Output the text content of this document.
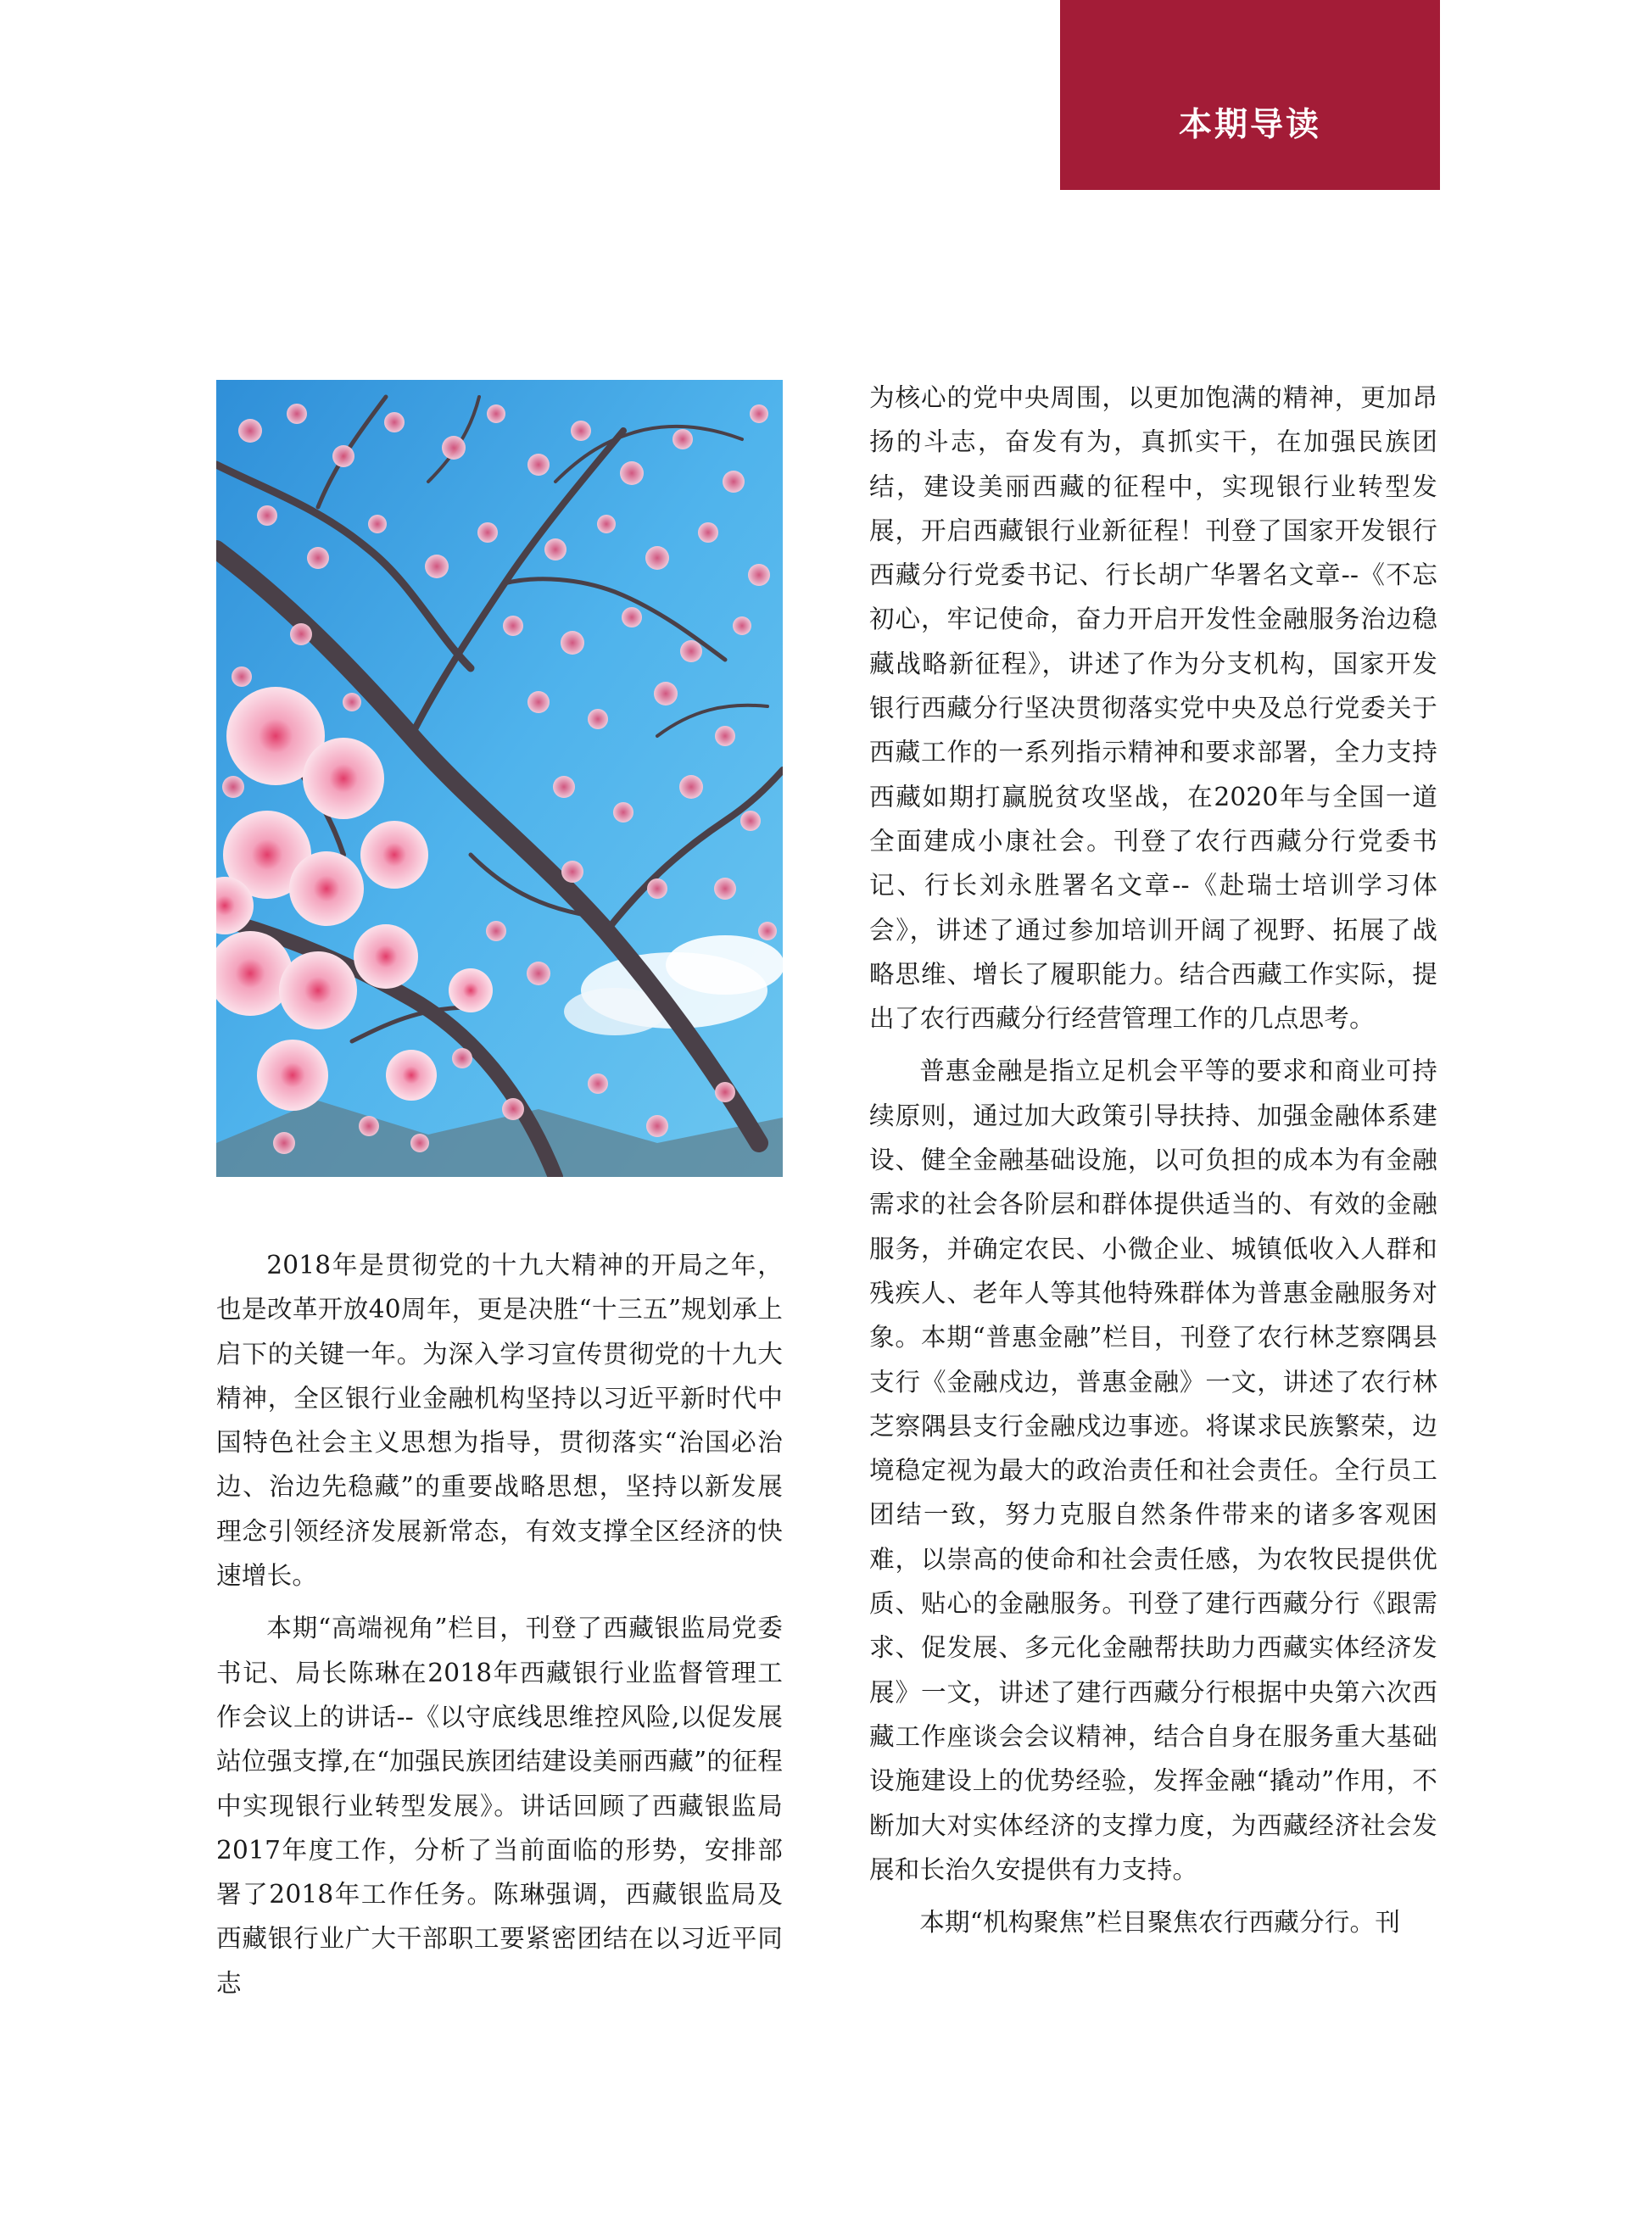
本期导读

2018年是贯彻党的十九大精神的开局之年，也是改革开放40周年，更是决胜“十三五”规划承上启下的关键一年。为深入学习宣传贯彻党的十九大精神，全区银行业金融机构坚持以习近平新时代中国特色社会主义思想为指导，贯彻落实“治国必治边、治边先稳藏”的重要战略思想，坚持以新发展理念引领经济发展新常态，有效支撑全区经济的快速增长。

本期“高端视角”栏目，刊登了西藏银监局党委书记、局长陈琳在2018年西藏银行业监督管理工作会议上的讲话--《以守底线思维控风险,以促发展站位强支撑,在“加强民族团结建设美丽西藏”的征程中实现银行业转型发展》。讲话回顾了西藏银监局2017年度工作，分析了当前面临的形势，安排部署了2018年工作任务。陈琳强调，西藏银监局及西藏银行业广大干部职工要紧密团结在以习近平同志

为核心的党中央周围，以更加饱满的精神，更加昂扬的斗志，奋发有为，真抓实干，在加强民族团结，建设美丽西藏的征程中，实现银行业转型发展，开启西藏银行业新征程！刊登了国家开发银行西藏分行党委书记、行长胡广华署名文章--《不忘初心，牢记使命，奋力开启开发性金融服务治边稳藏战略新征程》，讲述了作为分支机构，国家开发银行西藏分行坚决贯彻落实党中央及总行党委关于西藏工作的一系列指示精神和要求部署，全力支持西藏如期打赢脱贫攻坚战，在2020年与全国一道全面建成小康社会。刊登了农行西藏分行党委书记、行长刘永胜署名文章--《赴瑞士培训学习体会》，讲述了通过参加培训开阔了视野、拓展了战略思维、增长了履职能力。结合西藏工作实际，提出了农行西藏分行经营管理工作的几点思考。

普惠金融是指立足机会平等的要求和商业可持续原则，通过加大政策引导扶持、加强金融体系建设、健全金融基础设施，以可负担的成本为有金融需求的社会各阶层和群体提供适当的、有效的金融服务，并确定农民、小微企业、城镇低收入人群和残疾人、老年人等其他特殊群体为普惠金融服务对象。本期“普惠金融”栏目，刊登了农行林芝察隅县支行《金融戍边，普惠金融》一文，讲述了农行林芝察隅县支行金融戍边事迹。将谋求民族繁荣，边境稳定视为最大的政治责任和社会责任。全行员工团结一致，努力克服自然条件带来的诸多客观困难，以崇高的使命和社会责任感，为农牧民提供优质、贴心的金融服务。刊登了建行西藏分行《跟需求、促发展、多元化金融帮扶助力西藏实体经济发展》一文，讲述了建行西藏分行根据中央第六次西藏工作座谈会会议精神，结合自身在服务重大基础设施建设上的优势经验，发挥金融“撬动”作用，不断加大对实体经济的支撑力度，为西藏经济社会发展和长治久安提供有力支持。

本期“机构聚焦”栏目聚焦农行西藏分行。刊
